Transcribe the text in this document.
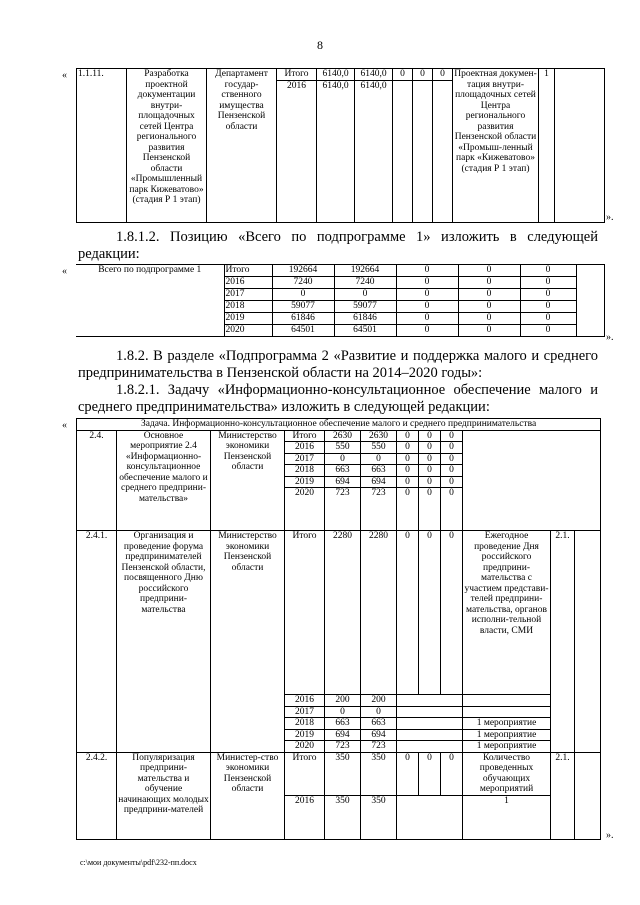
8
« 1.1.11.	Разработка проектной документации внутри-площадочных сетей Центра регионального развития Пензенской области «Промышленный парк Кижеватово» (стадия Р 1 этап)	Департамент государ-ственного имущества Пензенской области	Итого	6140,0	6140,0	0	0	0	Проектная докумен-тация внутри-площадочных сетей Центра регионального развития Пензенской области «Промыш-ленный парк «Кижеватово» (стадия Р 1 этап)	1	
			2016	6140,0	6140,0						
».
1.8.1.2. Позицию «Всего по подпрограмме 1» изложить в следующей редакции:
«	Всего по подпрограмме 1	Итого	192664	192664	0	0	0	
	2016	7240	7240	0	0	0	
	2017	0	0	0	0	0	
	2018	59077	59077	0	0	0	
	2019	61846	61846	0	0	0	
	2020	64501	64501	0	0	0	
».
1.8.2. В разделе «Подпрограмма 2 «Развитие и поддержка малого и среднего предпринимательства в Пензенской области на 2014–2020 годы»:
1.8.2.1. Задачу «Информационно-консультационное обеспечение малого и среднего предпринимательства» изложить в следующей редакции:
«	Задача. Информационно-консультационное обеспечение малого и среднего предпринимательства											
2.4.	Основное мероприятие 2.4 «Информационно-консультационное обеспечение малого и среднего предприни-мательства»	Министерство экономики Пензенской области	Итого	2630	2630	0	0	0			
			2016	550	550	0	0	0			
			2017	0	0	0	0	0			
			2018	663	663	0	0	0			
			2019	694	694	0	0	0			
			2020	723	723	0	0	0			
2.4.1.	Организация и проведение форума предпринимателей Пензенской области, посвященного Дню российского предприни-мательства	Министерство экономики Пензенской области	Итого	2280	2280	0	0	0	Ежегодное проведение Дня российского предприни-мательства с участием представи-телей предприни-мательства, органов исполни-тельной власти, СМИ	2.1.	
			2016	200	200						
			2017	0	0						
			2018	663	663				1 мероприятие		
			2019	694	694				1 мероприятие		
			2020	723	723				1 мероприятие		
2.4.2.	Популяризация предприни-мательства и обучение начинающих молодых предприни-мателей	Министер-ство экономики Пензенской области	Итого	350	350	0	0	0	Количество проведенных обучающих мероприятий	2.1.	
			2016	350	350				1		
».
c:\мои документы\pdf\232-пп.docx
